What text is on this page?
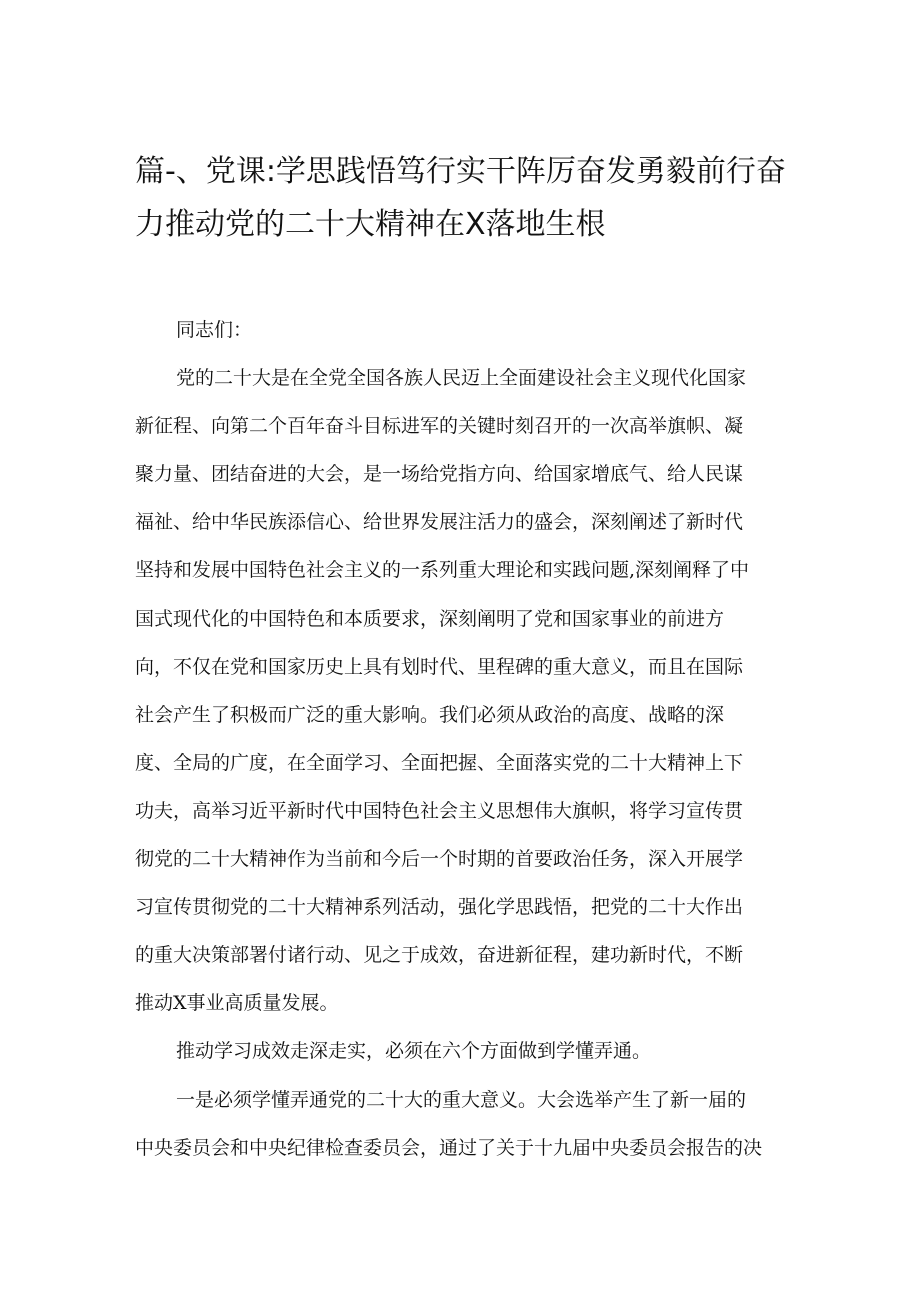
篇-、党课:学思践悟笃行实干阵厉奋发勇毅前行奋
力推动党的二十大精神在X落地生根
同志们：
党的二十大是在全党全国各族人民迈上全面建设社会主义现代化国家
新征程、向第二个百年奋斗目标进军的关键时刻召开的一次高举旗帜、凝
聚力量、团结奋进的大会，是一场给党指方向、给国家增底气、给人民谋
福祉、给中华民族添信心、给世界发展注活力的盛会，深刻阐述了新时代
坚持和发展中国特色社会主义的一系列重大理论和实践问题,深刻阐释了中
国式现代化的中国特色和本质要求，深刻阐明了党和国家事业的前进方
向，不仅在党和国家历史上具有划时代、里程碑的重大意义，而且在国际
社会产生了积极而广泛的重大影响。我们必须从政治的高度、战略的深
度、全局的广度，在全面学习、全面把握、全面落实党的二十大精神上下
功夫，高举习近平新时代中国特色社会主义思想伟大旗帜，将学习宣传贯
彻党的二十大精神作为当前和今后一个时期的首要政治任务，深入开展学
习宣传贯彻党的二十大精神系列活动，强化学思践悟，把党的二十大作出
的重大决策部署付诸行动、见之于成效，奋进新征程，建功新时代，不断
推动X事业高质量发展。
推动学习成效走深走实，必须在六个方面做到学懂弄通。
一是必须学懂弄通党的二十大的重大意义。大会选举产生了新一届的
中央委员会和中央纪律检查委员会，通过了关于十九届中央委员会报告的决
